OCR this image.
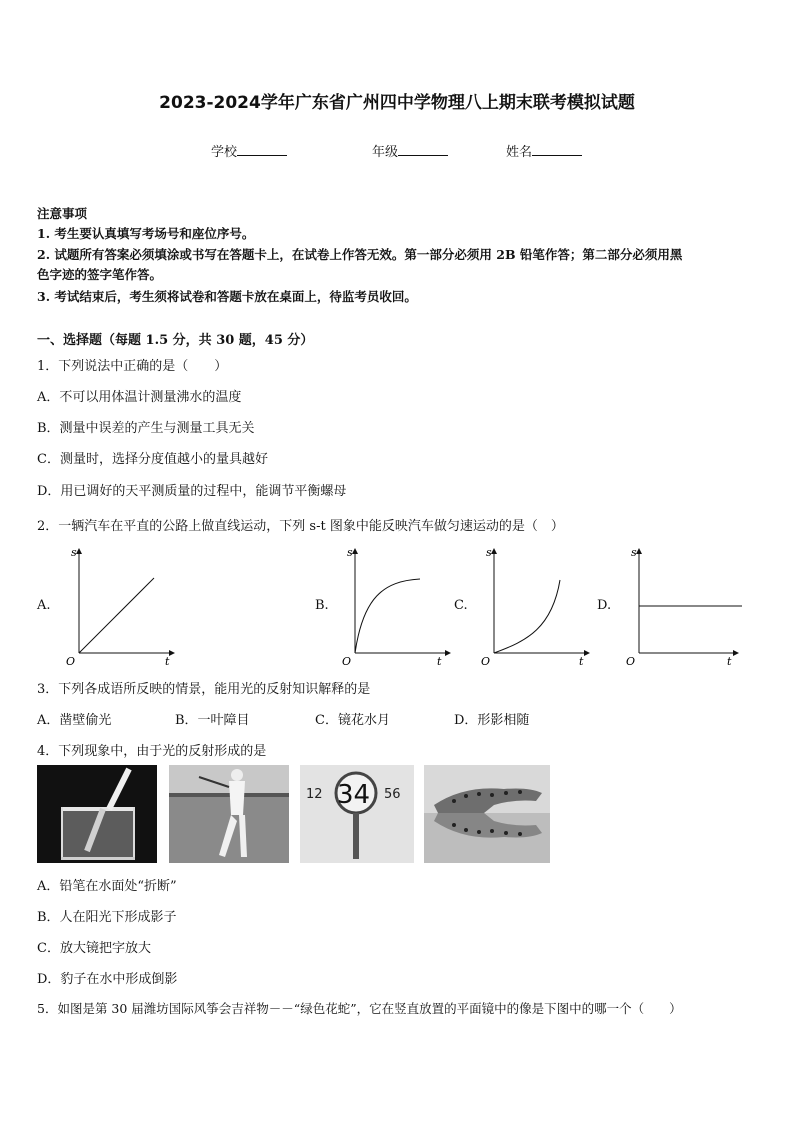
2023-2024学年广东省广州四中学物理八上期末联考模拟试题
学校	年级	姓名
注意事项
1. 考生要认真填写考场号和座位序号。
2. 试题所有答案必须填涂或书写在答题卡上，在试卷上作答无效。第一部分必须用 2B 铅笔作答；第二部分必须用黑
色字迹的签字笔作答。
3. 考试结束后，考生须将试卷和答题卡放在桌面上，待监考员收回。
一、选择题（每题 1.5 分，共 30 题，45 分）
1．下列说法中正确的是（　　）
A．不可以用体温计测量沸水的温度
B．测量中误差的产生与测量工具无关
C．测量时，选择分度值越小的量具越好
D．用已调好的天平测质量的过程中，能调节平衡螺母
2．一辆汽车在平直的公路上做直线运动，下列 s-t 图象中能反映汽车做匀速运动的是（　）
A.	B.	C.	D.
s
t
O
s
t
O
s
t
O
s
t
O
3．下列各成语所反映的情景，能用光的反射知识解释的是
A．凿壁偷光	B．一叶障目	C．镜花水月	D．形影相随
4．下列现象中，由于光的反射形成的是
12 34 56
A．铅笔在水面处“折断”
B．人在阳光下形成影子
C．放大镜把字放大
D．豹子在水中形成倒影
5．如图是第 30 届潍坊国际风筝会吉祥物－－“绿色花蛇”，它在竖直放置的平面镜中的像是下图中的哪一个（　　）
